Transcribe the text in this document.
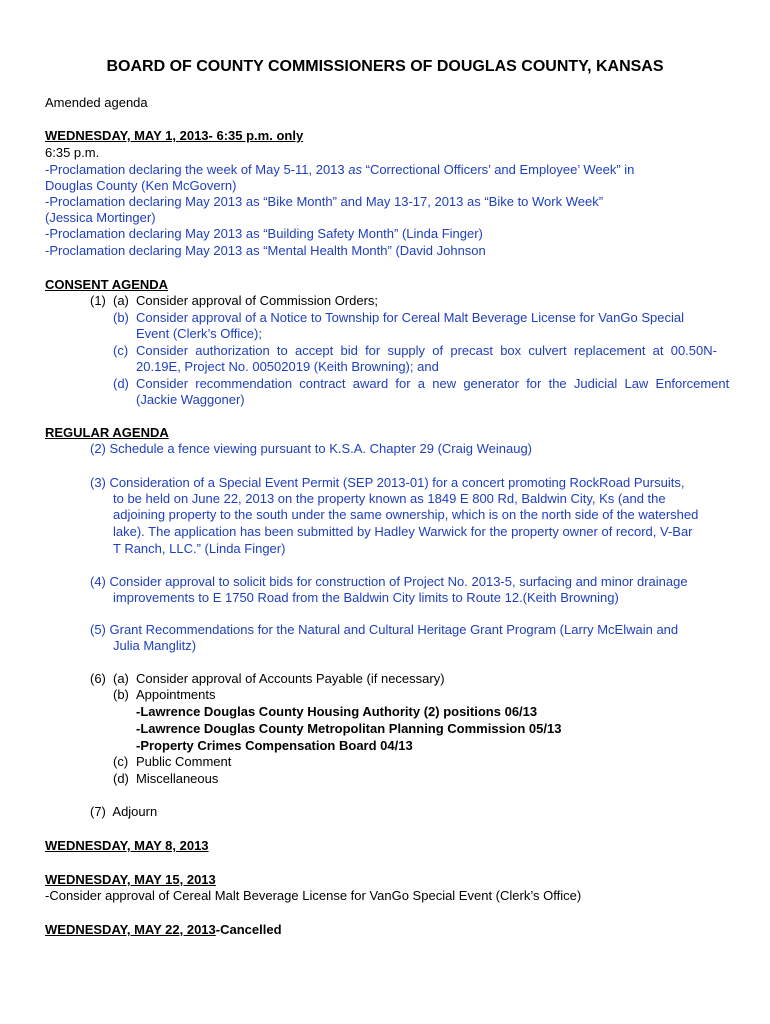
BOARD OF COUNTY COMMISSIONERS OF DOUGLAS COUNTY, KANSAS
Amended agenda
WEDNESDAY, MAY 1, 2013- 6:35 p.m. only
6:35 p.m.
-Proclamation declaring the week of May 5-11, 2013 as “Correctional Officers’ and Employee’ Week” in
Douglas County (Ken McGovern)
-Proclamation declaring May 2013 as “Bike Month” and May 13-17, 2013 as “Bike to Work Week”
(Jessica Mortinger)
-Proclamation declaring May 2013 as “Building Safety Month” (Linda Finger)
-Proclamation declaring May 2013 as “Mental Health Month” (David Johnson
CONSENT AGENDA
(1) (a) Consider approval of Commission Orders;
(b) Consider approval of a Notice to Township for Cereal Malt Beverage License for VanGo Special
Event (Clerk’s Office);
(c) Consider  authorization  to  accept  bid  for  supply  of  precast  box  culvert  replacement  at  00.50N-
20.19E, Project No. 00502019 (Keith Browning); and
(d) Consider  recommendation  contract  award  for  a  new  generator  for  the  Judicial  Law  Enforcement
(Jackie Waggoner)
REGULAR AGENDA
(2) Schedule a fence viewing pursuant to K.S.A. Chapter 29 (Craig Weinaug)
(3) Consideration of a Special Event Permit (SEP 2013-01) for a concert promoting RockRoad Pursuits,
to be held on June 22, 2013 on the property known as 1849 E 800 Rd, Baldwin City, Ks (and the
adjoining property to the south under the same ownership, which is on the north side of the watershed
lake). The application has been submitted by Hadley Warwick for the property owner of record, V-Bar
T Ranch, LLC.” (Linda Finger)
(4) Consider approval to solicit bids for construction of Project No. 2013-5, surfacing and minor drainage
improvements to E 1750 Road from the Baldwin City limits to Route 12.(Keith Browning)
(5) Grant Recommendations for the Natural and Cultural Heritage Grant Program (Larry McElwain and
Julia Manglitz)
(6) (a) Consider approval of Accounts Payable (if necessary)
(b) Appointments
-Lawrence Douglas County Housing Authority (2) positions 06/13
-Lawrence Douglas County Metropolitan Planning Commission 05/13
-Property Crimes Compensation Board 04/13
(c) Public Comment
(d) Miscellaneous
(7)  Adjourn
WEDNESDAY, MAY 8, 2013
WEDNESDAY, MAY 15, 2013
-Consider approval of Cereal Malt Beverage License for VanGo Special Event (Clerk’s Office)
WEDNESDAY, MAY 22, 2013-Cancelled
